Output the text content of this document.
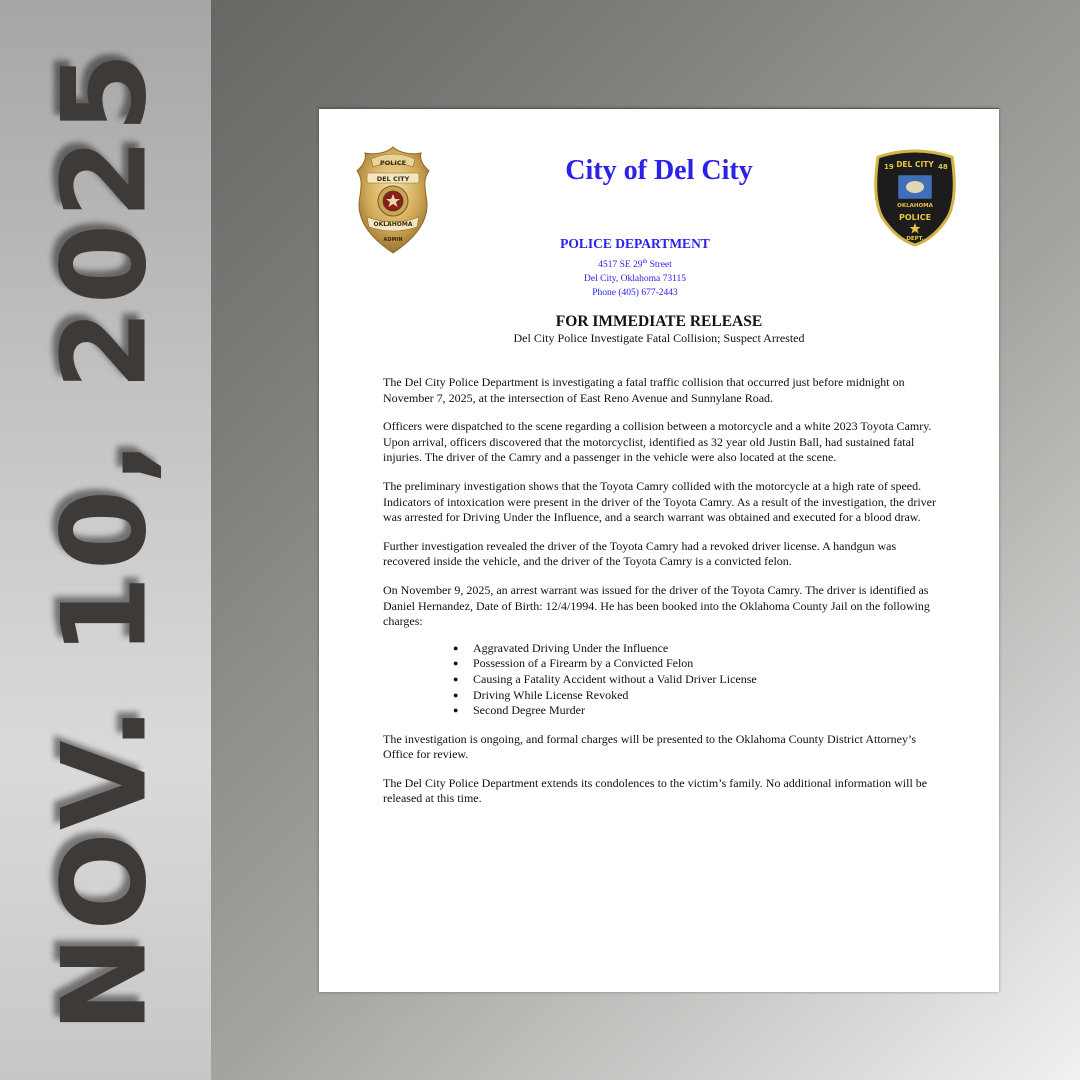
NOV. 10, 2025	POLICE
DEL CITY
OKLAHOMA
ADMIN
City of Del City	19 DEL CITY 48
OKLAHOMA
POLICE
DEPT.
POLICE DEPARTMENT
4517 SE 29th Street
Del City, Oklahoma 73115
Phone (405) 677-2443
FOR IMMEDIATE RELEASE
Del City Police Investigate Fatal Collision; Suspect Arrested

The Del City Police Department is investigating a fatal traffic collision that occurred just before midnight on November 7, 2025, at the intersection of East Reno Avenue and Sunnylane Road.

Officers were dispatched to the scene regarding a collision between a motorcycle and a white 2023 Toyota Camry. Upon arrival, officers discovered that the motorcyclist, identified as 32 year old Justin Ball, had sustained fatal injuries. The driver of the Camry and a passenger in the vehicle were also located at the scene.

The preliminary investigation shows that the Toyota Camry collided with the motorcycle at a high rate of speed. Indicators of intoxication were present in the driver of the Toyota Camry. As a result of the investigation, the driver was arrested for Driving Under the Influence, and a search warrant was obtained and executed for a blood draw.

Further investigation revealed the driver of the Toyota Camry had a revoked driver license. A handgun was recovered inside the vehicle, and the driver of the Toyota Camry is a convicted felon.

On November 9, 2025, an arrest warrant was issued for the driver of the Toyota Camry. The driver is identified as Daniel Hernandez, Date of Birth: 12/4/1994. He has been booked into the Oklahoma County Jail on the following charges:

● Aggravated Driving Under the Influence
● Possession of a Firearm by a Convicted Felon
● Causing a Fatality Accident without a Valid Driver License
● Driving While License Revoked
● Second Degree Murder

The investigation is ongoing, and formal charges will be presented to the Oklahoma County District Attorney’s Office for review.

The Del City Police Department extends its condolences to the victim’s family. No additional information will be released at this time.
